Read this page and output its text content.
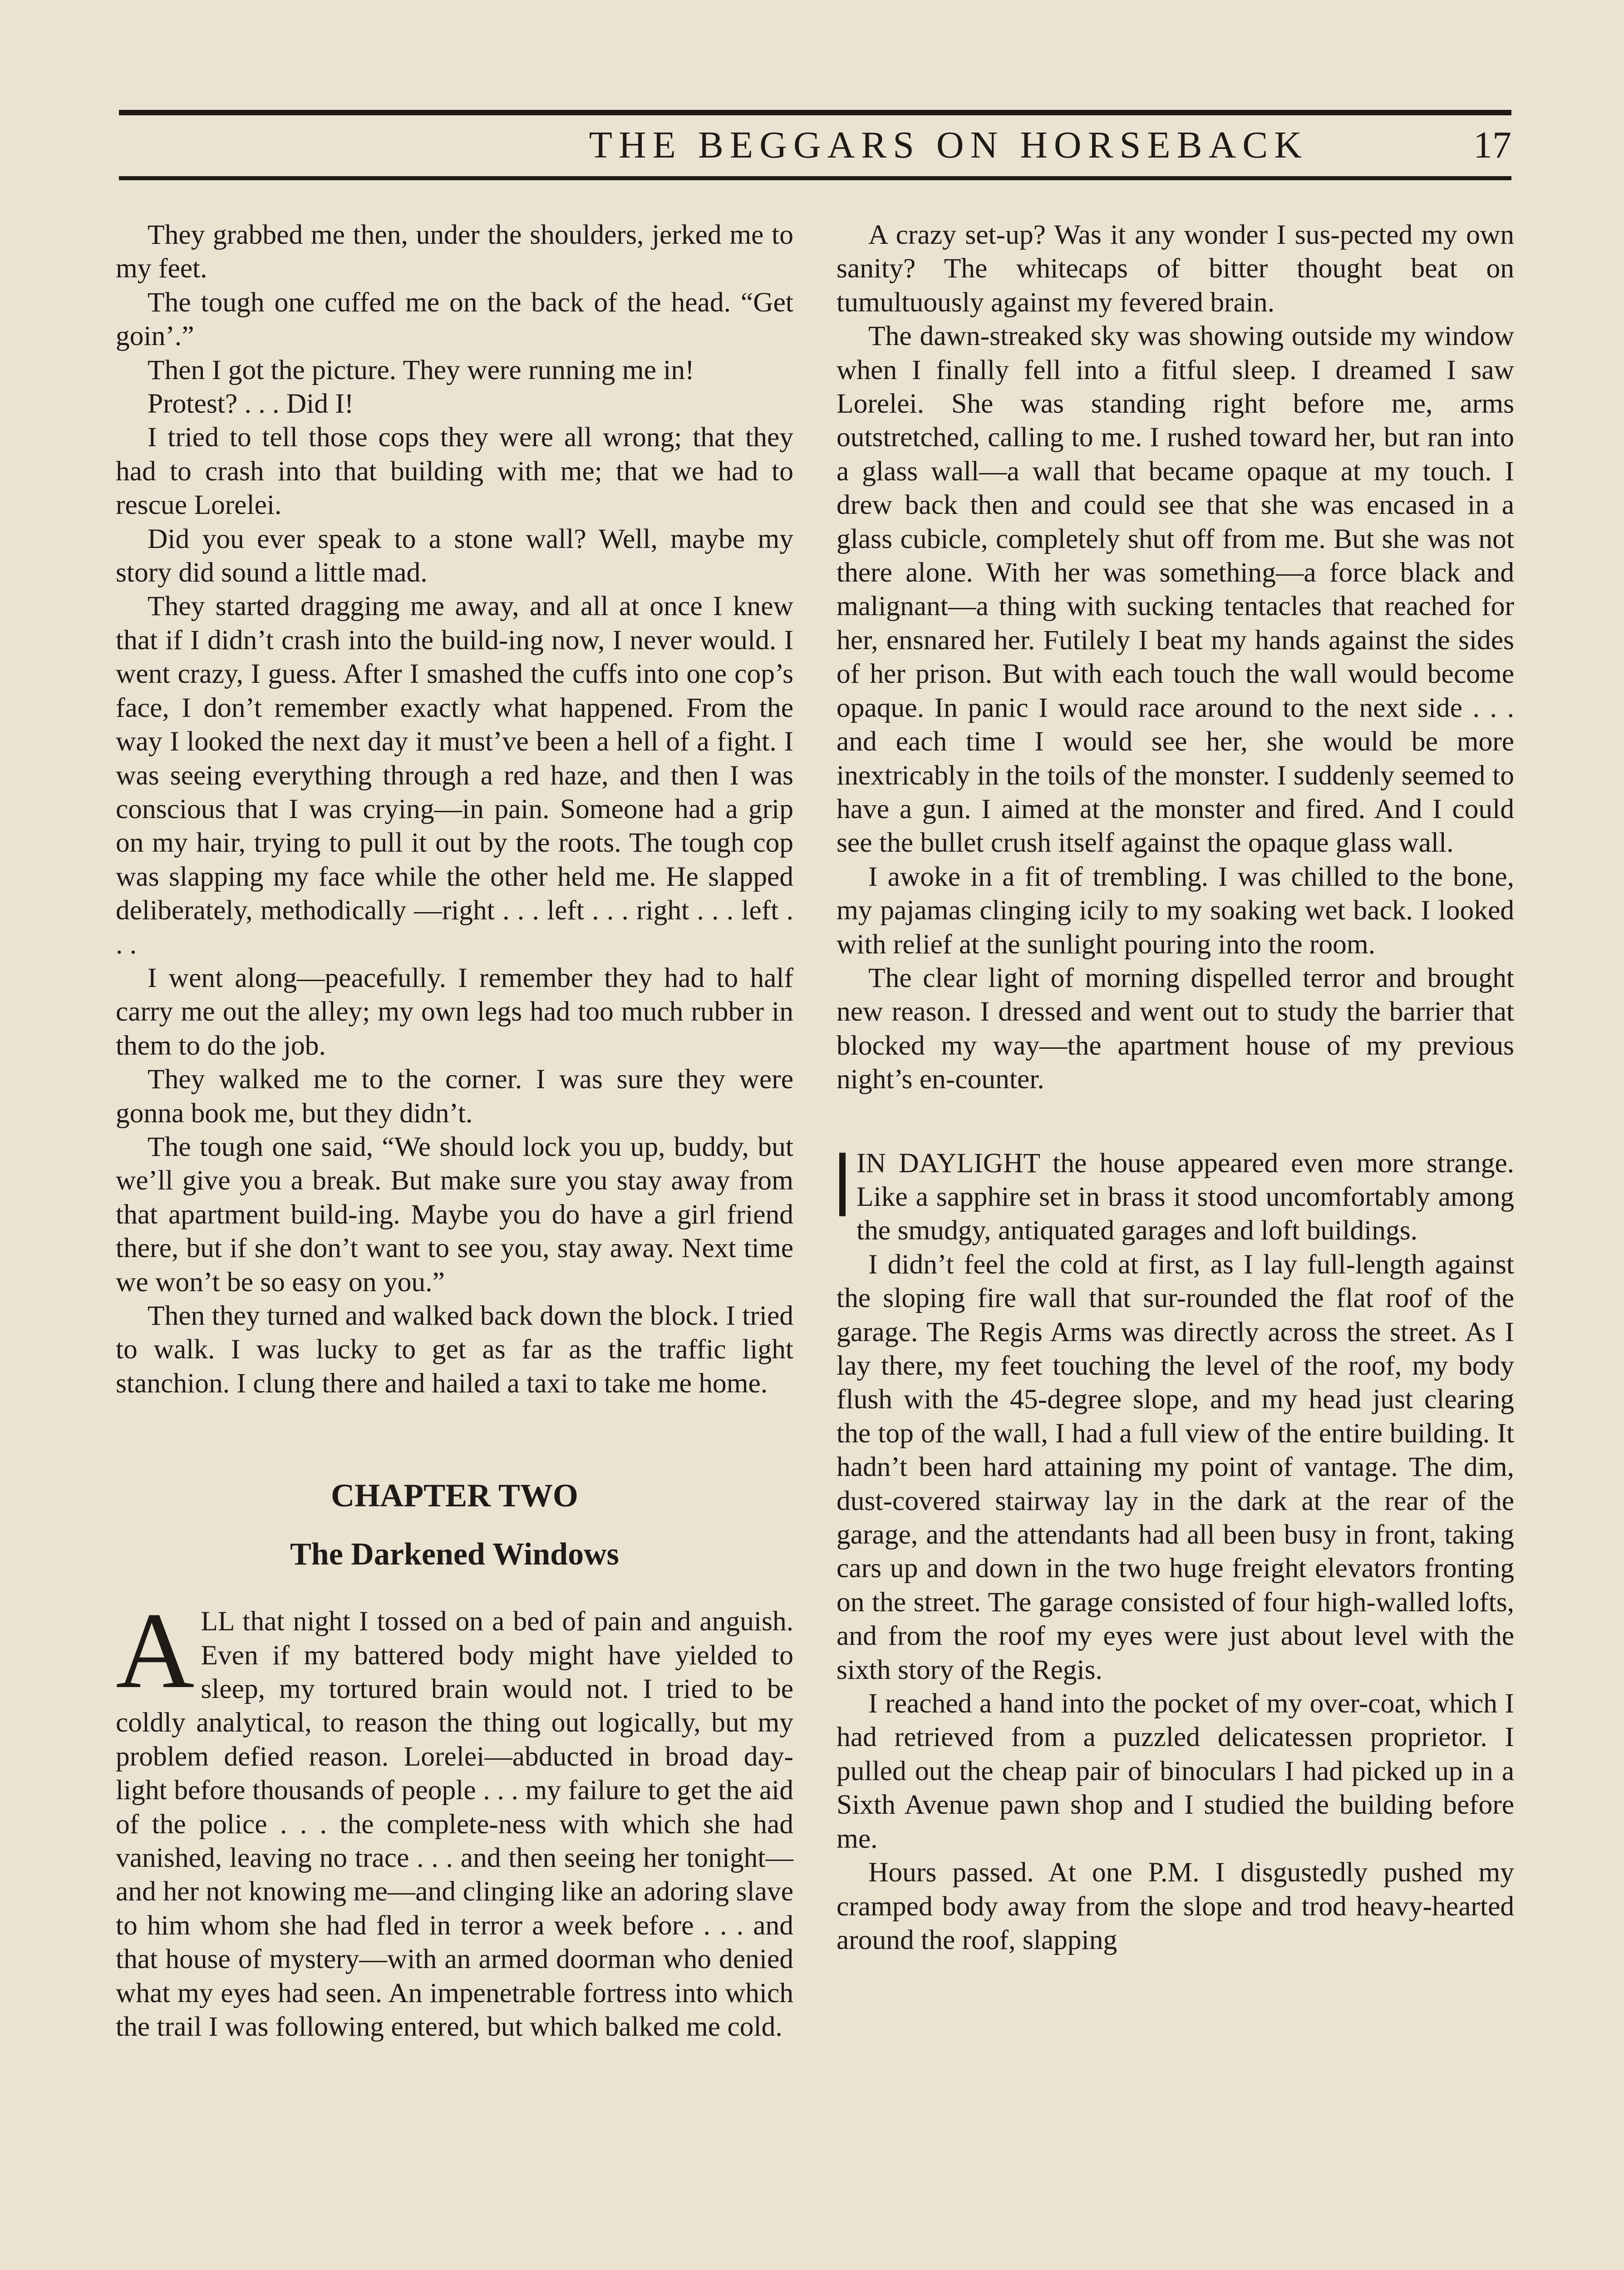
THE BEGGARS ON HORSEBACK	17

They grabbed me then, under the shoulders, jerked me to my feet.

The tough one cuffed me on the back of the head. “Get goin’.”

Then I got the picture. They were running me in!

Protest? . . . Did I!

I tried to tell those cops they were all wrong; that they had to crash into that building with me; that we had to rescue Lorelei.

Did you ever speak to a stone wall? Well, maybe my story did sound a little mad.

They started dragging me away, and all at once I knew that if I didn’t crash into the build-ing now, I never would. I went crazy, I guess. After I smashed the cuffs into one cop’s face, I don’t remember exactly what happened. From the way I looked the next day it must’ve been a hell of a fight. I was seeing everything through a red haze, and then I was conscious that I was crying—in pain. Someone had a grip on my hair, trying to pull it out by the roots. The tough cop was slapping my face while the other held me. He slapped deliberately, methodically —right . . . left . . . right . . . left . . .

I went along—peacefully. I remember they had to half carry me out the alley; my own legs had too much rubber in them to do the job.

They walked me to the corner. I was sure they were gonna book me, but they didn’t.

The tough one said, “We should lock you up, buddy, but we’ll give you a break. But make sure you stay away from that apartment build-ing. Maybe you do have a girl friend there, but if she don’t want to see you, stay away. Next time we won’t be so easy on you.”

Then they turned and walked back down the block. I tried to walk. I was lucky to get as far as the traffic light stanchion. I clung there and hailed a taxi to take me home.

CHAPTER TWO
The Darkened Windows
A LL that night I tossed on a bed of pain and anguish. Even if my battered body might have yielded to sleep, my tortured brain would not. I tried to be coldly analytical, to reason the thing out logically, but my problem defied reason. Lorelei—abducted in broad day-light before thousands of people . . . my failure to get the aid of the police . . . the complete-ness with which she had vanished, leaving no trace . . . and then seeing her tonight—and her not knowing me—and clinging like an adoring slave to him whom she had fled in terror a week before . . . and that house of mystery—with an armed doorman who denied what my eyes had seen. An impenetrable fortress into which the trail I was following entered, but which balked me cold.

A crazy set-up? Was it any wonder I sus-pected my own sanity? The whitecaps of bitter thought beat on tumultuously against my fevered brain.

The dawn-streaked sky was showing outside my window when I finally fell into a fitful sleep. I dreamed I saw Lorelei. She was standing right before me, arms outstretched, calling to me. I rushed toward her, but ran into a glass wall—a wall that became opaque at my touch. I drew back then and could see that she was encased in a glass cubicle, completely shut off from me. But she was not there alone. With her was something—a force black and malignant—a thing with sucking tentacles that reached for her, ensnared her. Futilely I beat my hands against the sides of her prison. But with each touch the wall would become opaque. In panic I would race around to the next side . . . and each time I would see her, she would be more inextricably in the toils of the monster. I suddenly seemed to have a gun. I aimed at the monster and fired. And I could see the bullet crush itself against the opaque glass wall.

I awoke in a fit of trembling. I was chilled to the bone, my pajamas clinging icily to my soaking wet back. I looked with relief at the sunlight pouring into the room.

The clear light of morning dispelled terror and brought new reason. I dressed and went out to study the barrier that blocked my way—the apartment house of my previous night’s en-counter.

IN DAYLIGHT the house appeared even more strange. Like a sapphire set in brass it stood uncomfortably among the smudgy, antiquated garages and loft buildings.

I didn’t feel the cold at first, as I lay full-length against the sloping fire wall that sur-rounded the flat roof of the garage. The Regis Arms was directly across the street. As I lay there, my feet touching the level of the roof, my body flush with the 45-degree slope, and my head just clearing the top of the wall, I had a full view of the entire building. It hadn’t been hard attaining my point of vantage. The dim, dust-covered stairway lay in the dark at the rear of the garage, and the attendants had all been busy in front, taking cars up and down in the two huge freight elevators fronting on the street. The garage consisted of four high-walled lofts, and from the roof my eyes were just about level with the sixth story of the Regis.

I reached a hand into the pocket of my over-coat, which I had retrieved from a puzzled delicatessen proprietor. I pulled out the cheap pair of binoculars I had picked up in a Sixth Avenue pawn shop and I studied the building before me.

Hours passed. At one P.M. I disgustedly pushed my cramped body away from the slope and trod heavy-hearted around the roof, slapping
